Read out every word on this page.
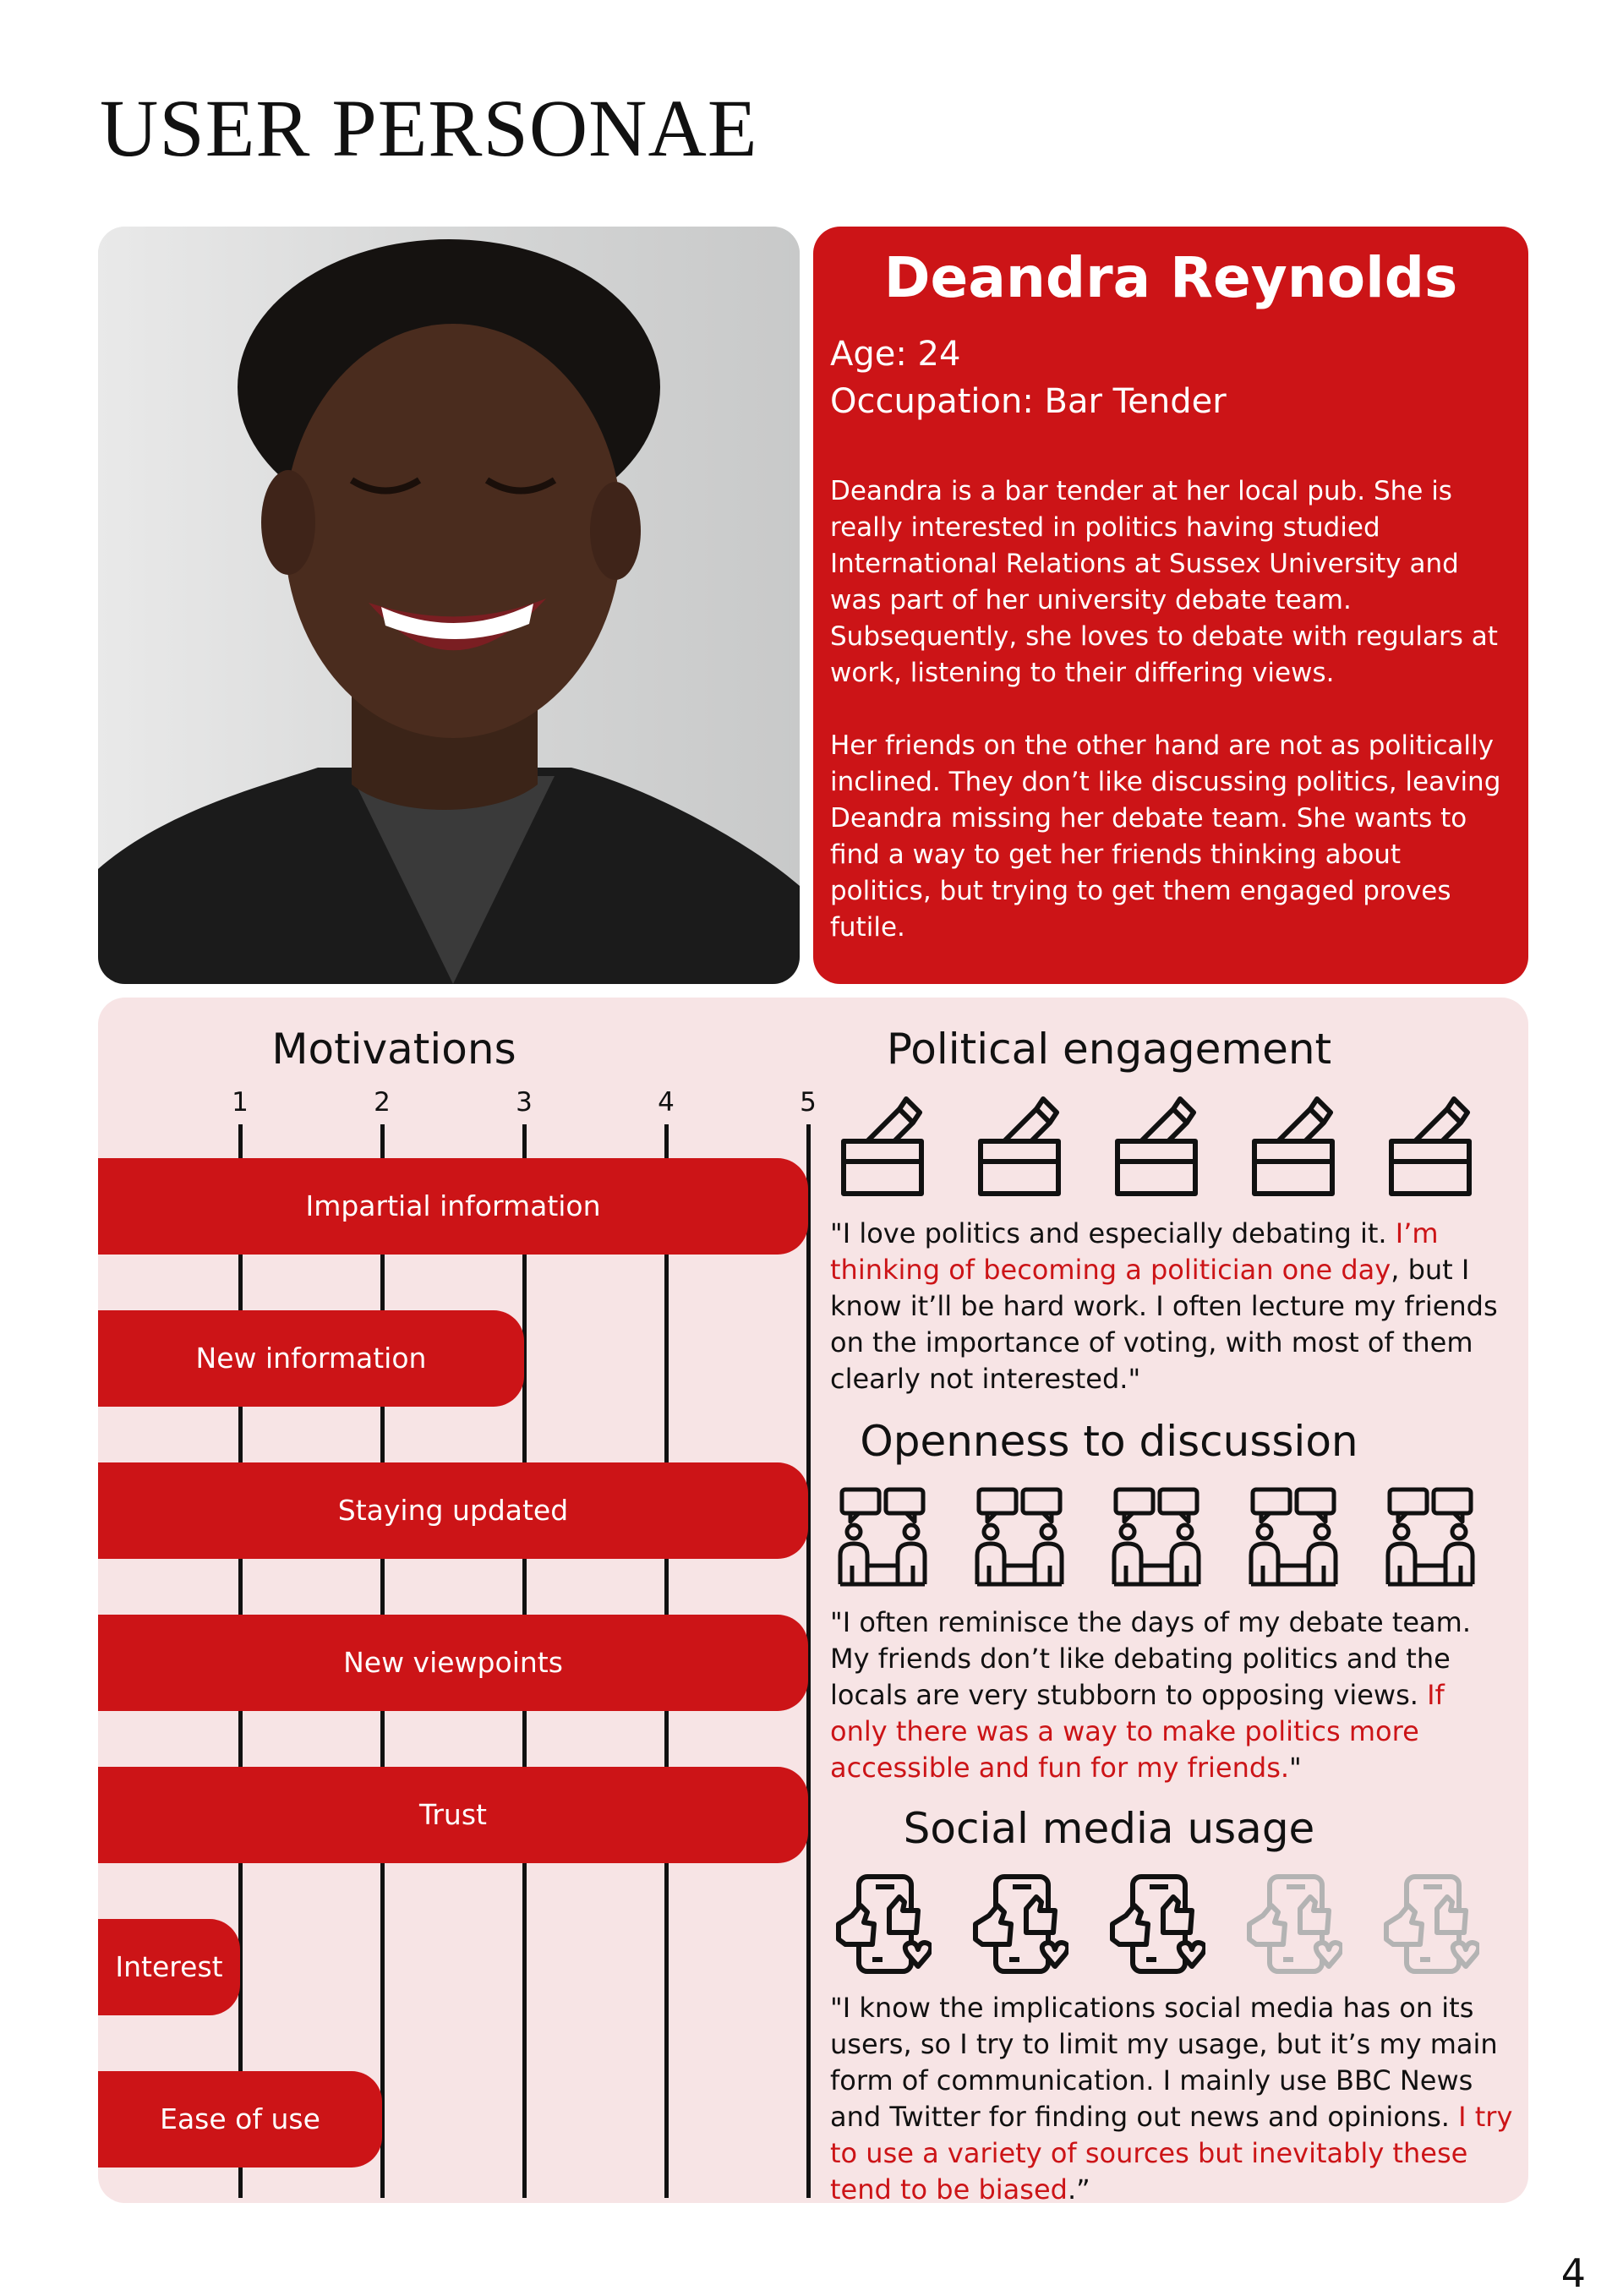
USER PERSONAE
Deandra Reynolds
Age: 24
Occupation: Bar Tender

Deandra is a bar tender at her local pub. She is really interested in politics having studied International Relations at Sussex University and was part of her university debate team. Subsequently, she loves to debate with regulars at work, listening to their differing views.

Her friends on the other hand are not as politically inclined. They don’t like discussing politics, leaving Deandra missing her debate team. She wants to find a way to get her friends thinking about politics, but trying to get them engaged proves futile.

Motivations
1	2	3	4	5
Impartial information
New information
Staying updated
New viewpoints
Trust
Interest
Ease of use
Political engagement
"I love politics and especially debating it. I’m thinking of becoming a politician one day, but I know it’ll be hard work. I often lecture my friends on the importance of voting, with most of them clearly not interested."
Openness to discussion
"I often reminisce the days of my debate team. My friends don’t like debating politics and the locals are very stubborn to opposing views. If only there was a way to make politics more accessible and fun for my friends."
Social media usage
"I know the implications social media has on its users, so I try to limit my usage, but it’s my main form of communication. I mainly use BBC News and Twitter for finding out news and opinions. I try to use a variety of sources but inevitably these tend to be biased.”
4
